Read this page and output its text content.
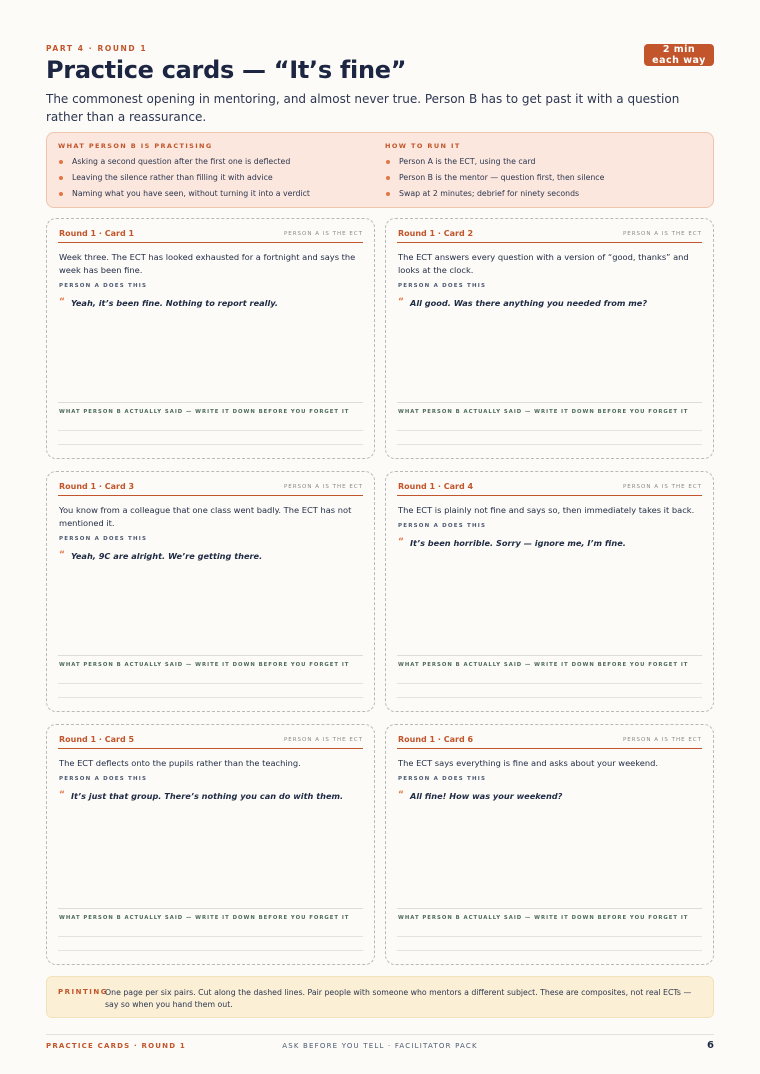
PART 4 · ROUND 1	2 min
each way
Practice cards — “It’s fine”

The commonest opening in mentoring, and almost never true. Person B has to get past it with a question rather than a reassurance.

WHAT PERSON B IS PRACTISING
Asking a second question after the first one is deflected
Leaving the silence rather than filling it with advice
Naming what you have seen, without turning it into a verdict
HOW TO RUN IT
Person A is the ECT, using the card
Person B is the mentor — question first, then silence
Swap at 2 minutes; debrief for ninety seconds
Round 1 · Card 1	PERSON A IS THE ECT
Week three. The ECT has looked exhausted for a fortnight and says the week has been fine.
PERSON A DOES THIS
“ Yeah, it’s been fine. Nothing to report really.
WHAT PERSON B ACTUALLY SAID — WRITE IT DOWN BEFORE YOU FORGET IT
Round 1 · Card 2	PERSON A IS THE ECT
The ECT answers every question with a version of “good, thanks” and looks at the clock.
PERSON A DOES THIS
“ All good. Was there anything you needed from me?
WHAT PERSON B ACTUALLY SAID — WRITE IT DOWN BEFORE YOU FORGET IT
Round 1 · Card 3	PERSON A IS THE ECT
You know from a colleague that one class went badly. The ECT has not mentioned it.
PERSON A DOES THIS
“ Yeah, 9C are alright. We’re getting there.
WHAT PERSON B ACTUALLY SAID — WRITE IT DOWN BEFORE YOU FORGET IT
Round 1 · Card 4	PERSON A IS THE ECT
The ECT is plainly not fine and says so, then immediately takes it back.
PERSON A DOES THIS
“ It’s been horrible. Sorry — ignore me, I’m fine.
WHAT PERSON B ACTUALLY SAID — WRITE IT DOWN BEFORE YOU FORGET IT
Round 1 · Card 5	PERSON A IS THE ECT
The ECT deflects onto the pupils rather than the teaching.
PERSON A DOES THIS
“ It’s just that group. There’s nothing you can do with them.
WHAT PERSON B ACTUALLY SAID — WRITE IT DOWN BEFORE YOU FORGET IT
Round 1 · Card 6	PERSON A IS THE ECT
The ECT says everything is fine and asks about your weekend.
PERSON A DOES THIS
“ All fine! How was your weekend?
WHAT PERSON B ACTUALLY SAID — WRITE IT DOWN BEFORE YOU FORGET IT
PRINTING
One page per six pairs. Cut along the dashed lines. Pair people with someone who mentors a different subject. These are composites, not real ECTs — say so when you hand them out.
PRACTICE CARDS · ROUND 1	ASK BEFORE YOU TELL · FACILITATOR PACK	6
